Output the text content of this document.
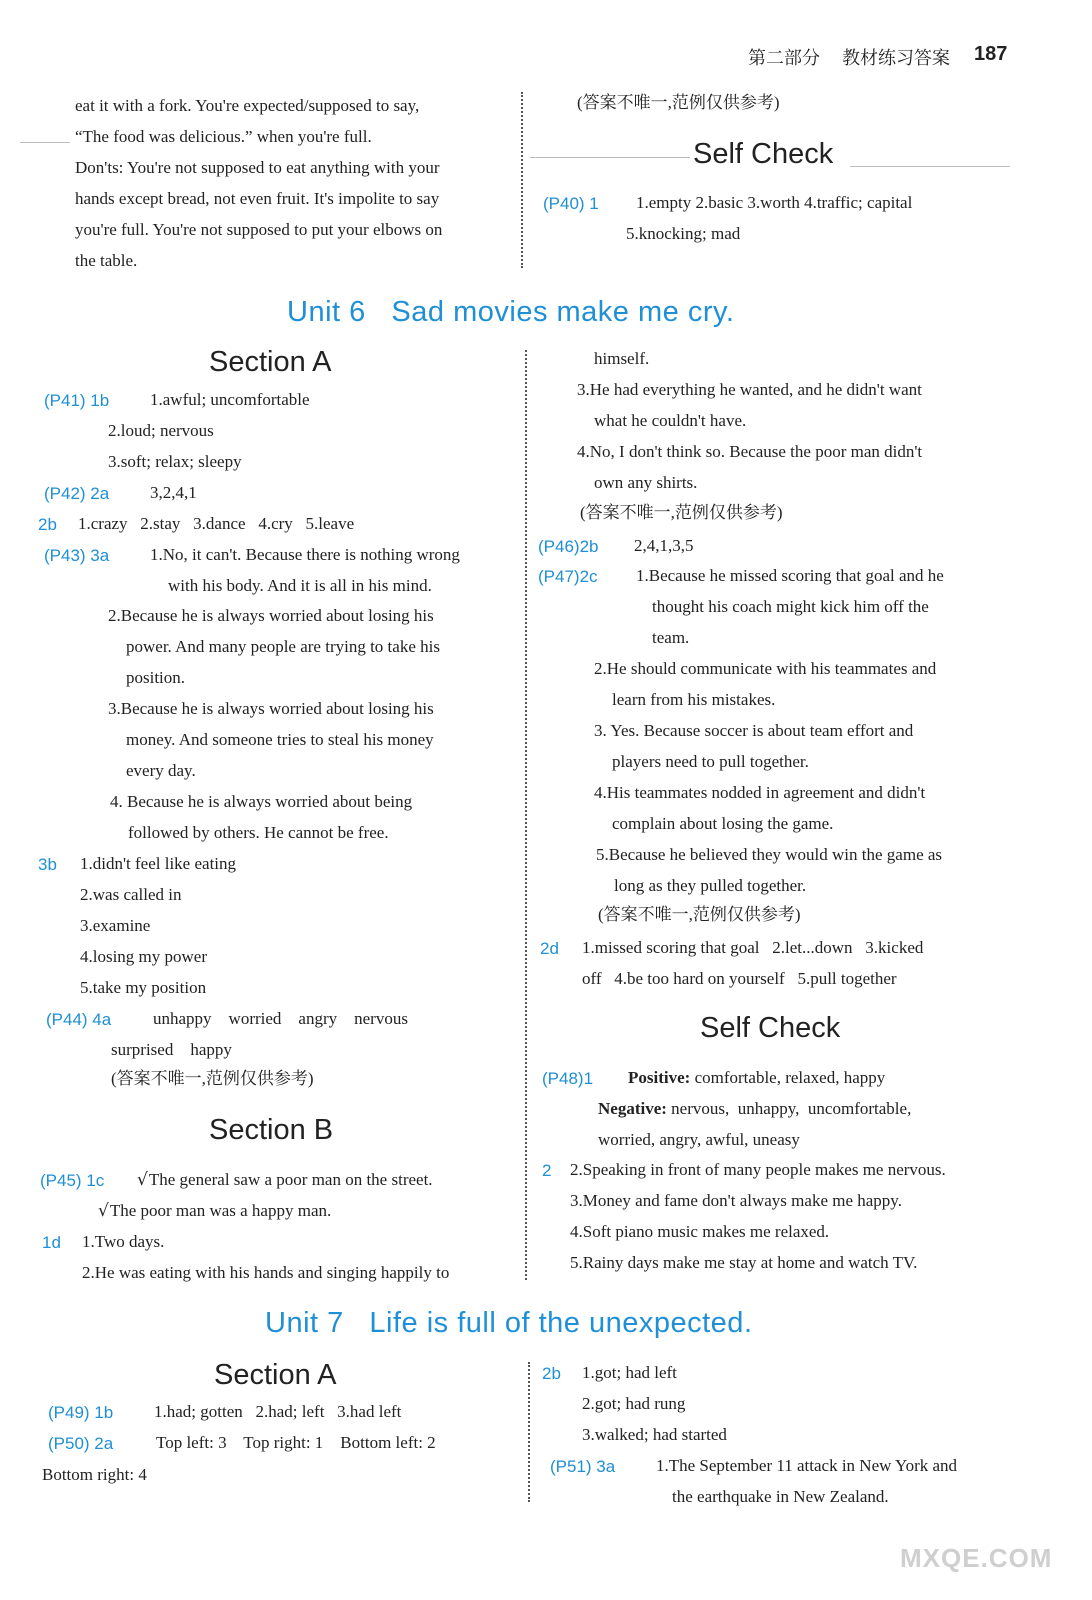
第二部分 教材练习答案 187
eat it with a fork. You're expected/supposed to say,
“The food was delicious.” when you're full.
Don'ts: You're not supposed to eat anything with your
hands except bread, not even fruit. It's impolite to say
you're full. You're not supposed to put your elbows on
the table.
(答案不唯一,范例仅供参考)
Self Check
(P40) 1 1.empty 2.basic 3.worth 4.traffic; capital
5.knocking; mad
Unit 6   Sad movies make me cry.
Section A
(P41) 1b 1.awful; uncomfortable
2.loud; nervous
3.soft; relax; sleepy
(P42) 2a 3,2,4,1
2b 1.crazy   2.stay   3.dance   4.cry   5.leave
(P43) 3a 1.No, it can't. Because there is nothing wrong
with his body. And it is all in his mind.
2.Because he is always worried about losing his
power. And many people are trying to take his
position.
3.Because he is always worried about losing his
money. And someone tries to steal his money
every day.
4. Because he is always worried about being
followed by others. He cannot be free.
3b 1.didn't feel like eating
2.was called in
3.examine
4.losing my power
5.take my position
(P44) 4a unhappy    worried    angry    nervous
surprised    happy
(答案不唯一,范例仅供参考)
Section B
(P45) 1c √The general saw a poor man on the street.
√The poor man was a happy man.
1d 1.Two days.
2.He was eating with his hands and singing happily to
himself.
3.He had everything he wanted, and he didn't want
what he couldn't have.
4.No, I don't think so. Because the poor man didn't
own any shirts.
(答案不唯一,范例仅供参考)
(P46)2b 2,4,1,3,5
(P47)2c 1.Because he missed scoring that goal and he
thought his coach might kick him off the
team.
2.He should communicate with his teammates and
learn from his mistakes.
3. Yes. Because soccer is about team effort and
players need to pull together.
4.His teammates nodded in agreement and didn't
complain about losing the game.
5.Because he believed they would win the game as
long as they pulled together.
(答案不唯一,范例仅供参考)
2d 1.missed scoring that goal   2.let...down   3.kicked
off   4.be too hard on yourself   5.pull together
Self Check
(P48)1 Positive: comfortable, relaxed, happy
Negative: nervous,  unhappy,  uncomfortable,
worried, angry, awful, uneasy
2 2.Speaking in front of many people makes me nervous.
3.Money and fame don't always make me happy.
4.Soft piano music makes me relaxed.
5.Rainy days make me stay at home and watch TV.
Unit 7   Life is full of the unexpected.
Section A
(P49) 1b 1.had; gotten   2.had; left   3.had left
(P50) 2a	Top left: 3    Top right: 1    Bottom left: 2
Bottom right: 4
2b 1.got; had left
2.got; had rung
3.walked; had started
(P51) 3a 1.The September 11 attack in New York and
the earthquake in New Zealand.
MXQE.COM
